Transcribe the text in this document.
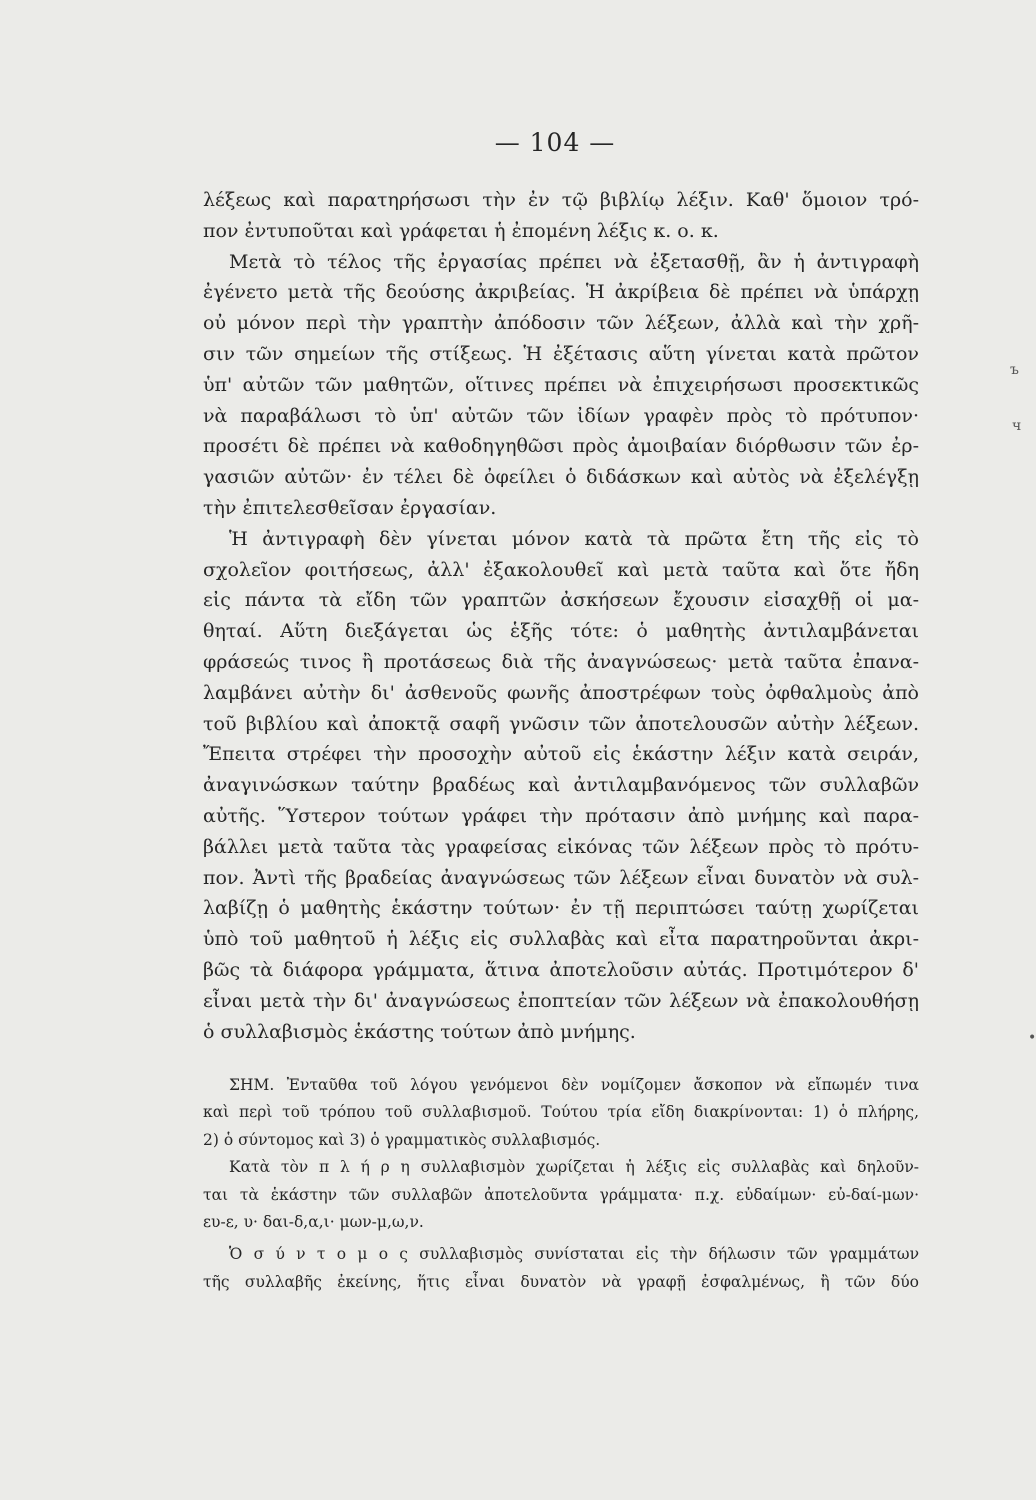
— 104 —
λέξεως καὶ παρατηρήσωσι τὴν ἐν τῷ βιβλίῳ λέξιν. Καθ' ὅμοιον τρό-
πον ἐντυποῦται καὶ γράφεται ἡ ἐπομένη λέξις κ. ο. κ.
Μετὰ τὸ τέλος τῆς ἐργασίας πρέπει νὰ ἐξετασθῇ, ἂν ἡ ἀντιγραφὴ
ἐγένετο μετὰ τῆς δεούσης ἀκριβείας. Ἡ ἀκρίβεια δὲ πρέπει νὰ ὑπάρχῃ
οὐ μόνον περὶ τὴν γραπτὴν ἀπόδοσιν τῶν λέξεων, ἀλλὰ καὶ τὴν χρῆ-
σιν τῶν σημείων τῆς στίξεως. Ἡ ἐξέτασις αὕτη γίνεται κατὰ πρῶτον
ὑπ' αὐτῶν τῶν μαθητῶν, οἵτινες πρέπει νὰ ἐπιχειρήσωσι προσεκτικῶς
νὰ παραβάλωσι τὸ ὑπ' αὐτῶν τῶν ἰδίων γραφὲν πρὸς τὸ πρότυπον·
προσέτι δὲ πρέπει νὰ καθοδηγηθῶσι πρὸς ἀμοιβαίαν διόρθωσιν τῶν ἐρ-
γασιῶν αὐτῶν· ἐν τέλει δὲ ὀφείλει ὁ διδάσκων καὶ αὐτὸς νὰ ἐξελέγξῃ
τὴν ἐπιτελεσθεῖσαν ἐργασίαν.
Ἡ ἀντιγραφὴ δὲν γίνεται μόνον κατὰ τὰ πρῶτα ἔτη τῆς εἰς τὸ
σχολεῖον φοιτήσεως, ἀλλ' ἐξακολουθεῖ καὶ μετὰ ταῦτα καὶ ὅτε ἤδη
εἰς πάντα τὰ εἴδη τῶν γραπτῶν ἀσκήσεων ἔχουσιν εἰσαχθῇ οἱ μα-
θηταί. Αὕτη διεξάγεται ὡς ἑξῆς τότε: ὁ μαθητὴς ἀντιλαμβάνεται
φράσεώς τινος ἢ προτάσεως διὰ τῆς ἀναγνώσεως· μετὰ ταῦτα ἐπανα-
λαμβάνει αὐτὴν δι' ἀσθενοῦς φωνῆς ἀποστρέφων τοὺς ὀφθαλμοὺς ἀπὸ
τοῦ βιβλίου καὶ ἀποκτᾷ σαφῆ γνῶσιν τῶν ἀποτελουσῶν αὐτὴν λέξεων.
Ἔπειτα στρέφει τὴν προσοχὴν αὐτοῦ εἰς ἑκάστην λέξιν κατὰ σειράν,
ἀναγινώσκων ταύτην βραδέως καὶ ἀντιλαμβανόμενος τῶν συλλαβῶν
αὐτῆς. Ὕστερον τούτων γράφει τὴν πρότασιν ἀπὸ μνήμης καὶ παρα-
βάλλει μετὰ ταῦτα τὰς γραφείσας εἰκόνας τῶν λέξεων πρὸς τὸ πρότυ-
πον. Ἀντὶ τῆς βραδείας ἀναγνώσεως τῶν λέξεων εἶναι δυνατὸν νὰ συλ-
λαβίζῃ ὁ μαθητὴς ἑκάστην τούτων· ἐν τῇ περιπτώσει ταύτῃ χωρίζεται
ὑπὸ τοῦ μαθητοῦ ἡ λέξις εἰς συλλαβὰς καὶ εἶτα παρατηροῦνται ἀκρι-
βῶς τὰ διάφορα γράμματα, ἅτινα ἀποτελοῦσιν αὐτάς. Προτιμότερον δ'
εἶναι μετὰ τὴν δι' ἀναγνώσεως ἐποπτείαν τῶν λέξεων νὰ ἐπακολουθήσῃ
ὁ συλλαβισμὸς ἑκάστης τούτων ἀπὸ μνήμης.
ΣΗΜ. Ἐνταῦθα τοῦ λόγου γενόμενοι δὲν νομίζομεν ἄσκοπον νὰ εἴπωμέν τινα
καὶ περὶ τοῦ τρόπου τοῦ συλλαβισμοῦ. Τούτου τρία εἴδη διακρίνονται: 1) ὁ πλήρης,
2) ὁ σύντομος καὶ 3) ὁ γραμματικὸς συλλαβισμός.
Κατὰ τὸν π λ ή ρ η συλλαβισμὸν χωρίζεται ἡ λέξις εἰς συλλαβὰς καὶ δηλοῦν-
ται τὰ ἑκάστην τῶν συλλαβῶν ἀποτελοῦντα γράμματα· π.χ. εὐδαίμων· εὐ-δαί-μων·
ευ-ε, υ· δαι-δ,α,ι· μων-μ,ω,ν.
Ὁ σ ύ ν τ ο μ ο ς συλλαβισμὸς συνίσταται εἰς τὴν δήλωσιν τῶν γραμμάτων
τῆς συλλαβῆς ἐκείνης, ἥτις εἶναι δυνατὸν νὰ γραφῇ ἐσφαλμένως, ἢ τῶν δύο
ъ
ч
•
